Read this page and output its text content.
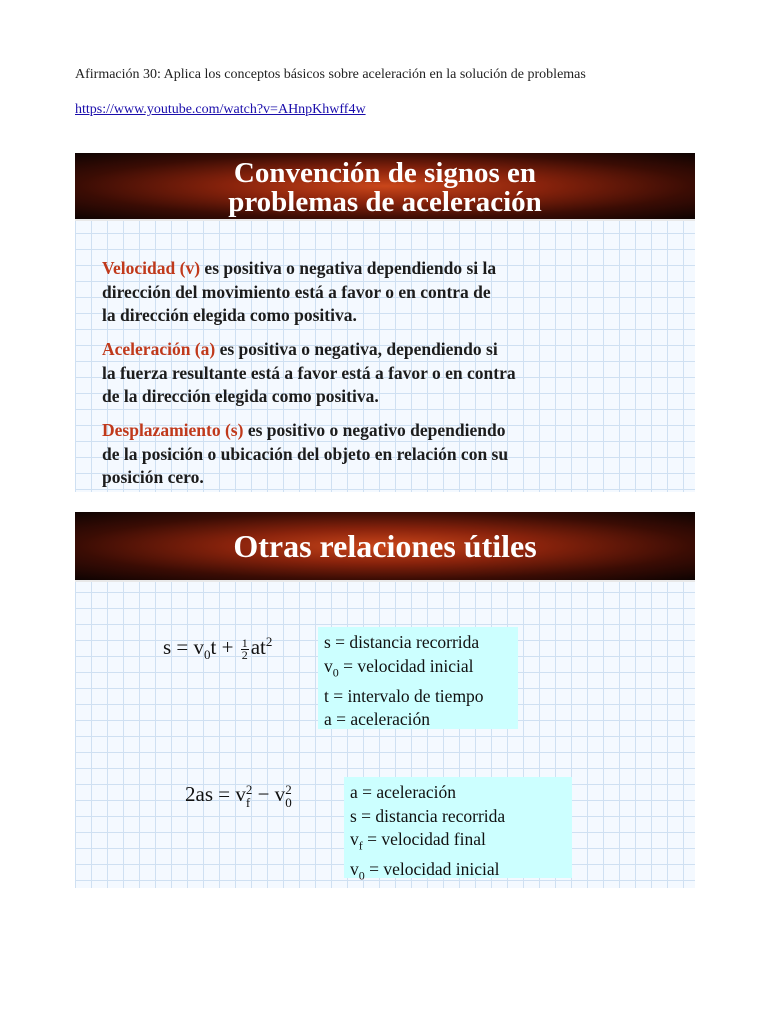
Afirmación 30: Aplica los conceptos básicos sobre aceleración en la solución de problemas
https://www.youtube.com/watch?v=AHnpKhwff4w
Convención de signos en
problemas de aceleración
Velocidad (v) es positiva o negativa dependiendo si la
dirección del movimiento está a favor o en contra de
la dirección elegida como positiva.
Aceleración (a) es positiva o negativa, dependiendo si
la fuerza resultante está a favor está a favor o en contra
de la dirección elegida como positiva.
Desplazamiento (s) es positivo o negativo dependiendo
de la posición o ubicación del objeto en relación con su
posición cero.
Otras relaciones útiles
$s = v_0t + \frac{1}{2} at^2$	s = distancia recorrida
$v_0$ = velocidad inicial
t = intervalo de tiempo
a = aceleración
2as = v 2
f − v 2
0
a = aceleración
s = distancia recorrida
$v_f$ = velocidad final
$v_0$ = velocidad inicial
